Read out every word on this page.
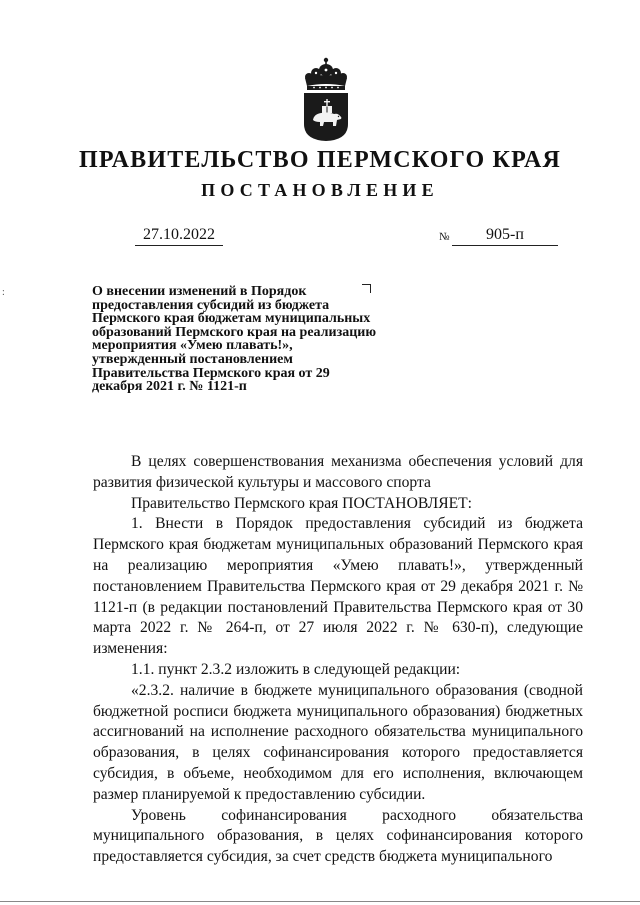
ПРАВИТЕЛЬСТВО ПЕРМСКОГО КРАЯ
ПОСТАНОВЛЕНИЕ
27.10.2022	№	905-п
:	О внесении изменений в Порядок предоставления субсидий из бюджета Пермского края бюджетам муниципальных образований Пермского края на реализацию мероприятия «Умею плавать!», утвержденный постановлением Правительства Пермского края от 29 декабря 2021 г. № 1121-п

В целях совершенствования механизма обеспечения условий для развития физической культуры и массового спорта

Правительство Пермского края ПОСТАНОВЛЯЕТ:

1. Внести в Порядок предоставления субсидий из бюджета Пермского края бюджетам муниципальных образований Пермского края на реализацию мероприятия «Умею плавать!», утвержденный постановлением Правительства Пермского края от 29 декабря 2021 г. № 1121-п (в редакции постановлений Правительства Пермского края от 30 марта 2022 г. № 264-п, от 27 июля 2022 г. № 630-п), следующие изменения:

1.1. пункт 2.3.2 изложить в следующей редакции:

«2.3.2. наличие в бюджете муниципального образования (сводной бюджетной росписи бюджета муниципального образования) бюджетных ассигнований на исполнение расходного обязательства муниципального образования, в целях софинансирования которого предоставляется субсидия, в объеме, необходимом для его исполнения, включающем размер планируемой к предоставлению субсидии.

Уровень софинансирования расходного обязательства муниципального образования, в целях софинансирования которого предоставляется субсидия, за счет средств бюджета муниципального
